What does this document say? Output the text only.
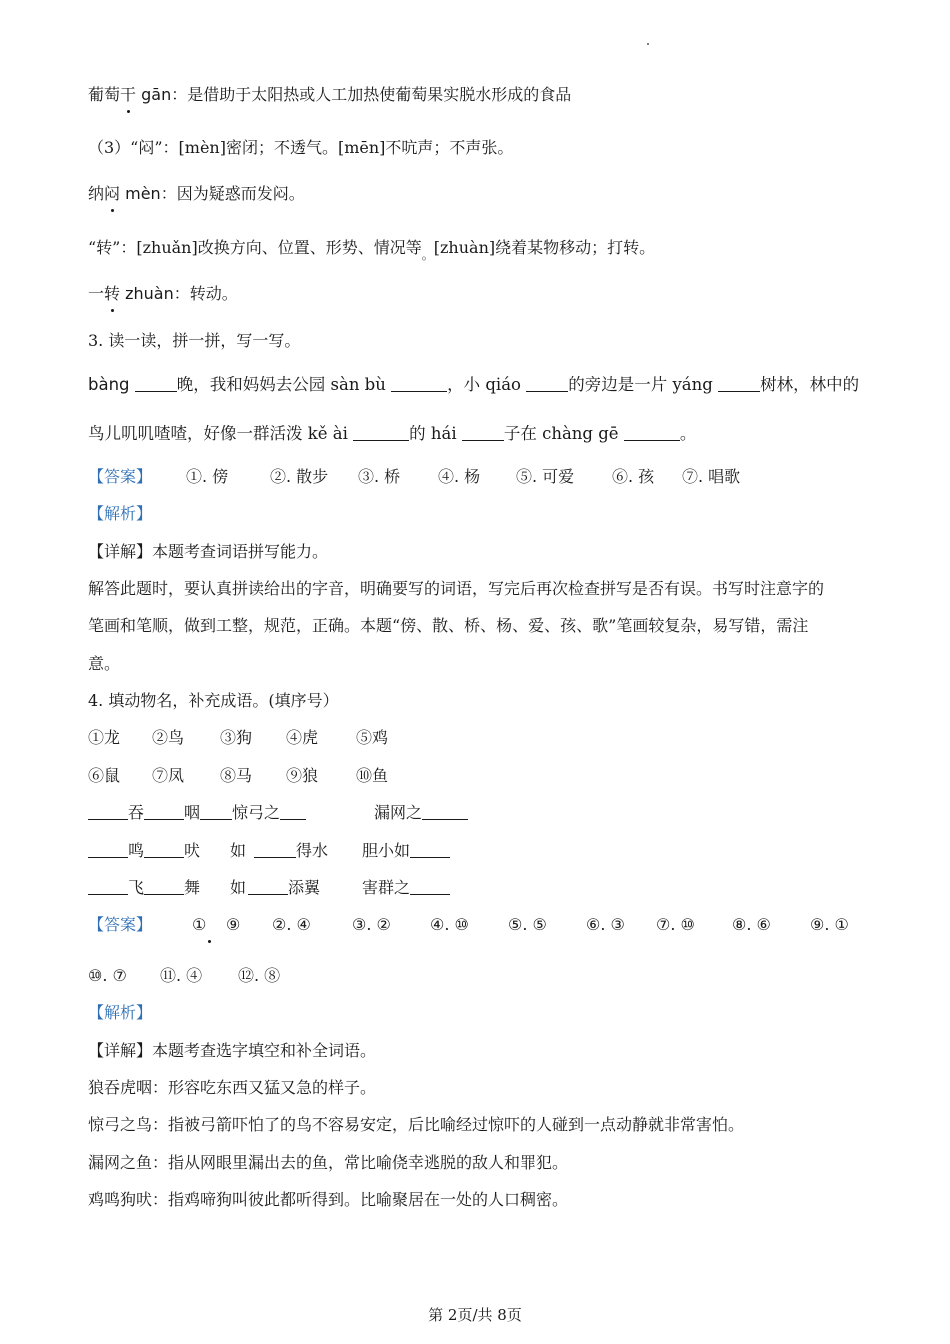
葡萄干 gān：是借助于太阳热或人工加热使葡萄果实脱水形成的食品
（3）“闷”：[mèn]密闭；不透气。[mēn]不吭声；不声张。
纳闷 mèn：因为疑惑而发闷。
“转”：[zhuǎn]改换方向、位置、形势、情况等$_。$[zhuàn]绕着某物移动；打转。
一转 zhuàn：转动。
3. 读一读，拼一拼，写一写。
bàng	晚，我和妈妈去公园 sàn bù	，小 qiáo	的旁边是一片 yáng	树林，林中的
鸟儿叽叽喳喳，好像一群活泼 kě ài	的 hái	子在 chàng gē	。
【答案】 ①. 傍	②. 散步 ③. 桥 ④. 杨 ⑤. 可爱 ⑥. 孩 ⑦. 唱歌
【解析】
【详解】本题考查词语拼写能力。
解答此题时，要认真拼读给出的字音，明确要写的词语，写完后再次检查拼写是否有误。书写时注意字的
笔画和笔顺，做到工整，规范，正确。本题“傍、散、桥、杨、爱、孩、歌”笔画较复杂，易写错，需注
意。
4. 填动物名，补充成语。(填序号）
①龙 ②鸟 ③狗 ④虎 ⑤鸡
⑥鼠 ⑦凤 ⑧马 ⑨狼 ⑩鱼
吞	咽 惊弓之	漏网之
鸣	吠 如	得水 胆小如
飞	舞 如	添翼	害群之
【答案】 ① ⑨ ②. ④	③. ② ④. ⑩ ⑤. ⑤ ⑥. ③ ⑦. ⑩ ⑧. ⑥ ⑨. ①
⑩. ⑦ ⑪. ④ ⑫. ⑧
【解析】
【详解】本题考查选字填空和补全词语。
狼吞虎咽：形容吃东西又猛又急的样子。
惊弓之鸟：指被弓箭吓怕了的鸟不容易安定，后比喻经过惊吓的人碰到一点动静就非常害怕。
漏网之鱼：指从网眼里漏出去的鱼，常比喻侥幸逃脱的敌人和罪犯。
鸡鸣狗吠：指鸡啼狗叫彼此都听得到。比喻聚居在一处的人口稠密。
第 2页/共 8页
